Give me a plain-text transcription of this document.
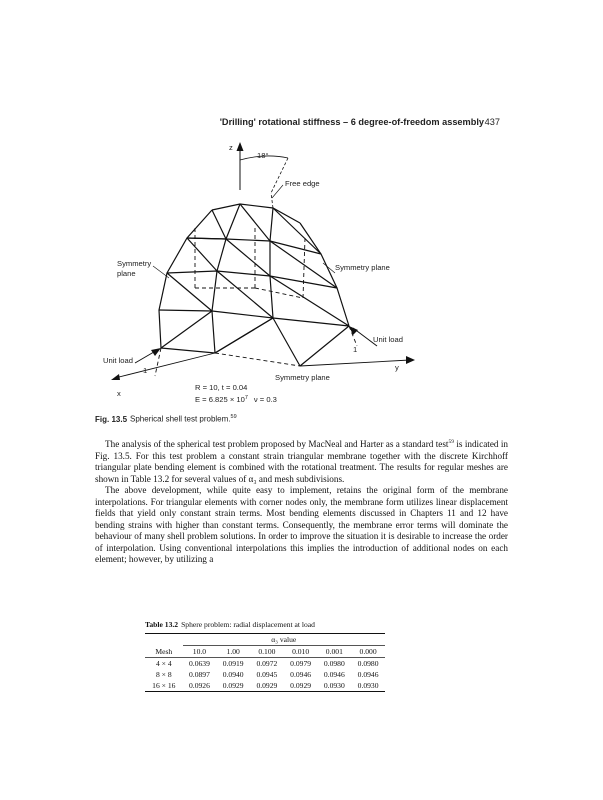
'Drilling' rotational stiffness – 6 degree-of-freedom assembly 437
z
18°
Free edge
Symmetry
plane
Symmetry plane
Unit load
1
Unit load
1	y
x
Symmetry plane
R = 10, t = 0.04
$E = 6.825 \times 10^7$ ν = 0.3
Fig. 13.5 Spherical shell test problem.$^{59}$

The analysis of the spherical test problem proposed by MacNeal and Harter as a standard test$^{59}$ is indicated in Fig. 13.5. For this test problem a constant strain triangular membrane together with the discrete Kirchhoff triangular plate bending element is combined with the rotational treatment. The results for regular meshes are shown in Table 13.2 for several values of α₃ and mesh subdivisions.

The above development, while quite easy to implement, retains the original form of the membrane interpolations. For triangular elements with corner nodes only, the membrane form utilizes linear displacement fields that yield only constant strain terms. Most bending elements discussed in Chapters 11 and 12 have bending strains with higher than constant terms. Consequently, the membrane error terms will dominate the behaviour of many shell problem solutions. In order to improve the situation it is desirable to increase the order of interpolation. Using conventional interpolations this implies the introduction of additional nodes on each element; however, by utilizing a

Table 13.2 Sphere problem: radial displacement at load
	α₃ value					
Mesh	10.0	1.00	0.100	0.010	0.001	0.000
4 × 4	0.0639	0.0919	0.0972	0.0979	0.0980	0.0980
8 × 8	0.0897	0.0940	0.0945	0.0946	0.0946	0.0946
16 × 16	0.0926	0.0929	0.0929	0.0929	0.0930	0.0930
